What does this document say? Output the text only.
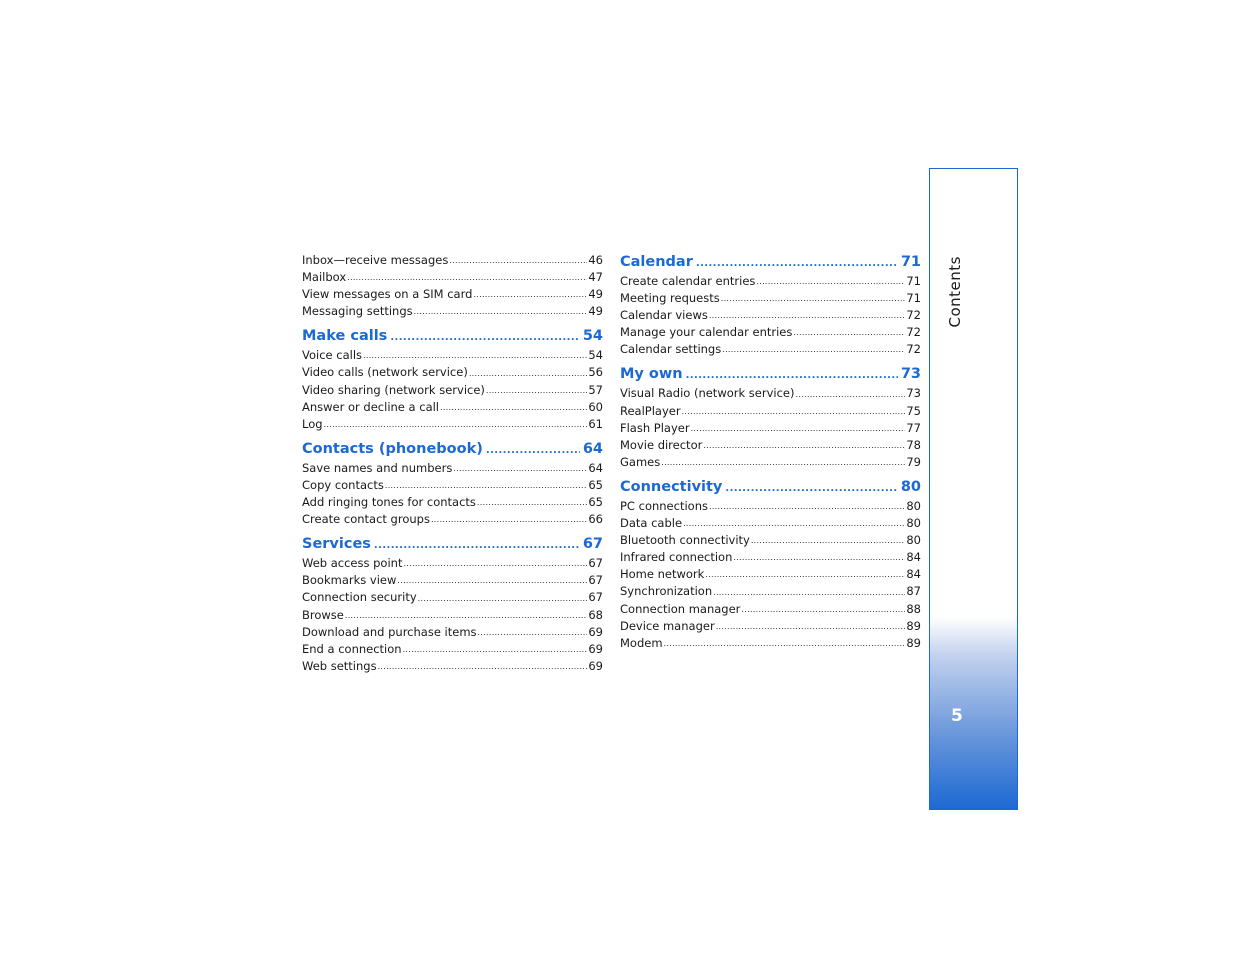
Inbox—receive messages .....	46
Mailbox .....	47
View messages on a SIM card .....	49
Messaging settings .....	49
Make calls .....	54
Voice calls .....	54
Video calls (network service) .....	56
Video sharing (network service) .....	57
Answer or decline a call .....	60
Log .....	61
Contacts (phonebook) .....	64
Save names and numbers .....	64
Copy contacts .....	65
Add ringing tones for contacts .....	65
Create contact groups .....	66
Services .....	67
Web access point .....	67
Bookmarks view .....	67
Connection security .....	67
Browse .....	68
Download and purchase items .....	69
End a connection .....	69
Web settings .....	69
Calendar .....	71
Create calendar entries .....	71
Meeting requests .....	71
Calendar views .....	72
Manage your calendar entries .....	72
Calendar settings .....	72
My own .....	73
Visual Radio (network service) .....	73
RealPlayer .....	75
Flash Player .....	77
Movie director .....	78
Games .....	79
Connectivity .....	80
PC connections .....	80
Data cable .....	80
Bluetooth connectivity .....	80
Infrared connection .....	84
Home network .....	84
Synchronization .....	87
Connection manager .....	88
Device manager .....	89
Modem .....	89
Contents
5
